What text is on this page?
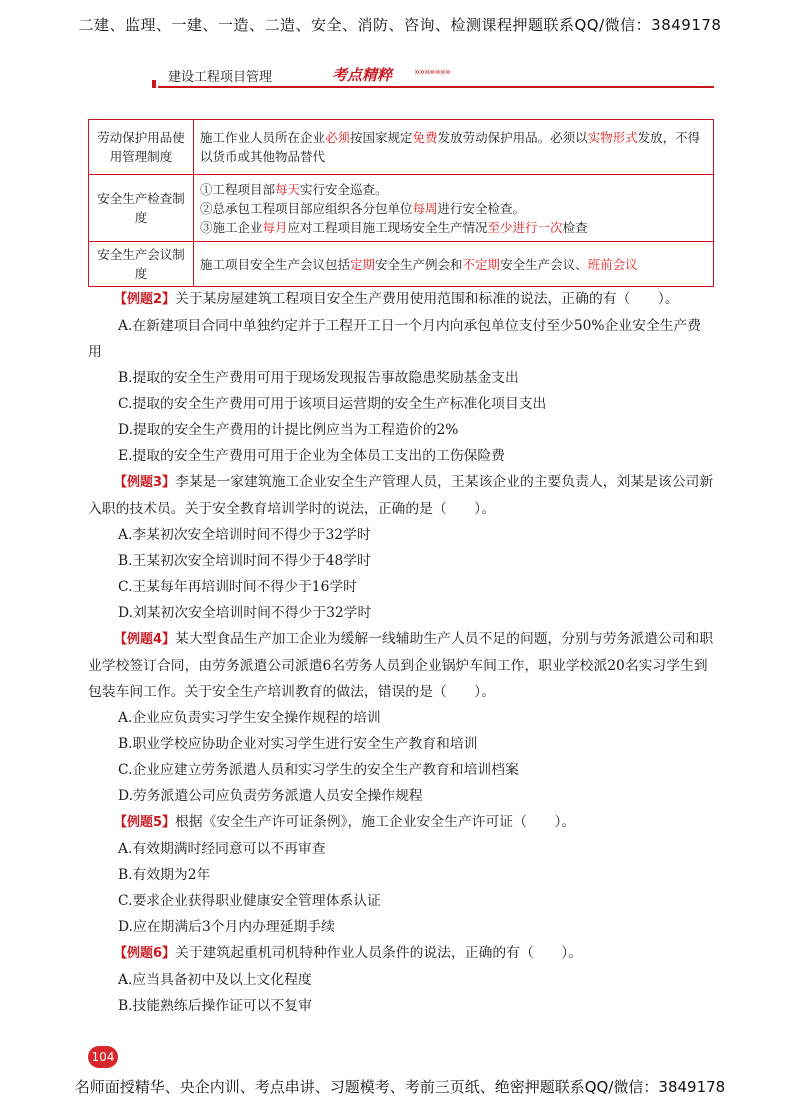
二建、监理、一建、一造、二造、安全、消防、咨询、检测课程押题联系QQ/微信：3849178
建设工程项目管理	考点精粹 »»»»»»»
劳动保护用品使用管理制度	施工作业人员所在企业必须按国家规定免费发放劳动保护用品。必须以实物形式发放，不得以货币或其他物品替代
安全生产检查制度	①工程项目部每天实行安全巡查。
②总承包工程项目部应组织各分包单位每周进行安全检查。
③施工企业每月应对工程项目施工现场安全生产情况至少进行一次检查

安全生产会议制度	施工项目安全生产会议包括定期安全生产例会和不定期安全生产会议、班前会议

【例题2】关于某房屋建筑工程项目安全生产费用使用范围和标准的说法，正确的有（　　）。

A.在新建项目合同中单独约定并于工程开工日一个月内向承包单位支付至少50%企业安全生产费用

B.提取的安全生产费用可用于现场发现报告事故隐患奖励基金支出

C.提取的安全生产费用可用于该项目运营期的安全生产标准化项目支出

D.提取的安全生产费用的计提比例应当为工程造价的2%

E.提取的安全生产费用可用于企业为全体员工支出的工伤保险费

【例题3】李某是一家建筑施工企业安全生产管理人员，王某该企业的主要负责人，刘某是该公司新入职的技术员。关于安全教育培训学时的说法，正确的是（　　）。

A.李某初次安全培训时间不得少于32学时

B.王某初次安全培训时间不得少于48学时

C.王某每年再培训时间不得少于16学时

D.刘某初次安全培训时间不得少于32学时

【例题4】某大型食品生产加工企业为缓解一线辅助生产人员不足的问题，分别与劳务派遣公司和职业学校签订合同，由劳务派遣公司派遣6名劳务人员到企业锅炉车间工作，职业学校派20名实习学生到包装车间工作。关于安全生产培训教育的做法，错误的是（　　）。

A.企业应负责实习学生安全操作规程的培训

B.职业学校应协助企业对实习学生进行安全生产教育和培训

C.企业应建立劳务派遣人员和实习学生的安全生产教育和培训档案

D.劳务派遣公司应负责劳务派遣人员安全操作规程

【例题5】根据《安全生产许可证条例》，施工企业安全生产许可证（　　）。

A.有效期满时经同意可以不再审查

B.有效期为2年

C.要求企业获得职业健康安全管理体系认证

D.应在期满后3个月内办理延期手续

【例题6】关于建筑起重机司机特种作业人员条件的说法，正确的有（　　）。

A.应当具备初中及以上文化程度

B.技能熟练后操作证可以不复审

104
名师面授精华、央企内训、考点串讲、习题模考、考前三页纸、绝密押题联系QQ/微信：3849178
